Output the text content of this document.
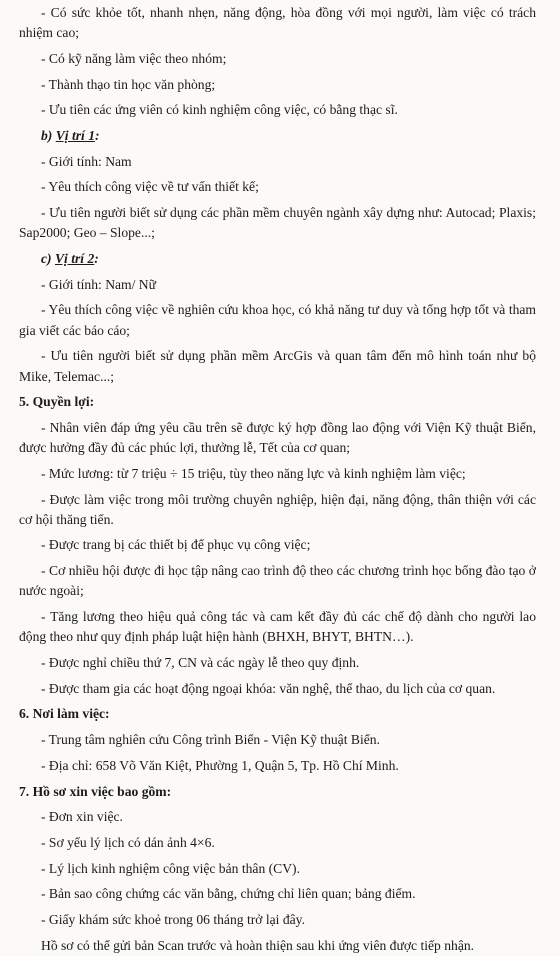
- Có sức khỏe tốt, nhanh nhẹn, năng động, hòa đồng với mọi người, làm việc có trách nhiệm cao;

- Có kỹ năng làm việc theo nhóm;

- Thành thạo tin học văn phòng;

- Ưu tiên các ứng viên có kinh nghiệm công việc, có bằng thạc sĩ.

b) Vị trí 1:

- Giới tính: Nam

- Yêu thích công việc về tư vấn thiết kế;

- Ưu tiên người biết sử dụng các phần mềm chuyên ngành xây dựng như: Autocad; Plaxis; Sap2000; Geo – Slope...;

c) Vị trí 2:

- Giới tính: Nam/ Nữ

- Yêu thích công việc về nghiên cứu khoa học, có khả năng tư duy và tổng hợp tốt và tham gia viết các báo cáo;

- Ưu tiên người biết sử dụng phần mềm ArcGis và quan tâm đến mô hình toán như bộ Mike, Telemac...;

5. Quyền lợi:

- Nhân viên đáp ứng yêu cầu trên sẽ được ký hợp đồng lao động với Viện Kỹ thuật Biển, được hưởng đầy đủ các phúc lợi, thưởng lễ, Tết của cơ quan;

- Mức lương: từ 7 triệu ÷ 15 triệu, tùy theo năng lực và kinh nghiệm làm việc;

- Được làm việc trong môi trường chuyên nghiệp, hiện đại, năng động, thân thiện với các cơ hội thăng tiến.

- Được trang bị các thiết bị để phục vụ công việc;

- Cơ nhiều hội được đi học tập nâng cao trình độ theo các chương trình học bổng đào tạo ở nước ngoài;

- Tăng lương theo hiệu quả công tác và cam kết đầy đủ các chế độ dành cho người lao động theo như quy định pháp luật hiện hành (BHXH, BHYT, BHTN…).

- Được nghỉ chiều thứ 7, CN và các ngày lễ theo quy định.

- Được tham gia các hoạt động ngoại khóa: văn nghệ, thể thao, du lịch của cơ quan.

6. Nơi làm việc:

- Trung tâm nghiên cứu Công trình Biển - Viện Kỹ thuật Biển.

- Địa chỉ: 658 Võ Văn Kiệt, Phường 1, Quận 5, Tp. Hồ Chí Minh.

7. Hồ sơ xin việc bao gồm:

- Đơn xin việc.

- Sơ yếu lý lịch có dán ảnh 4×6.

- Lý lịch kinh nghiệm công việc bản thân (CV).

- Bản sao công chứng các văn bằng, chứng chỉ liên quan; bảng điểm.

- Giấy khám sức khoẻ trong 06 tháng trở lại đây.

Hồ sơ có thể gửi bản Scan trước và hoàn thiện sau khi ứng viên được tiếp nhận.
